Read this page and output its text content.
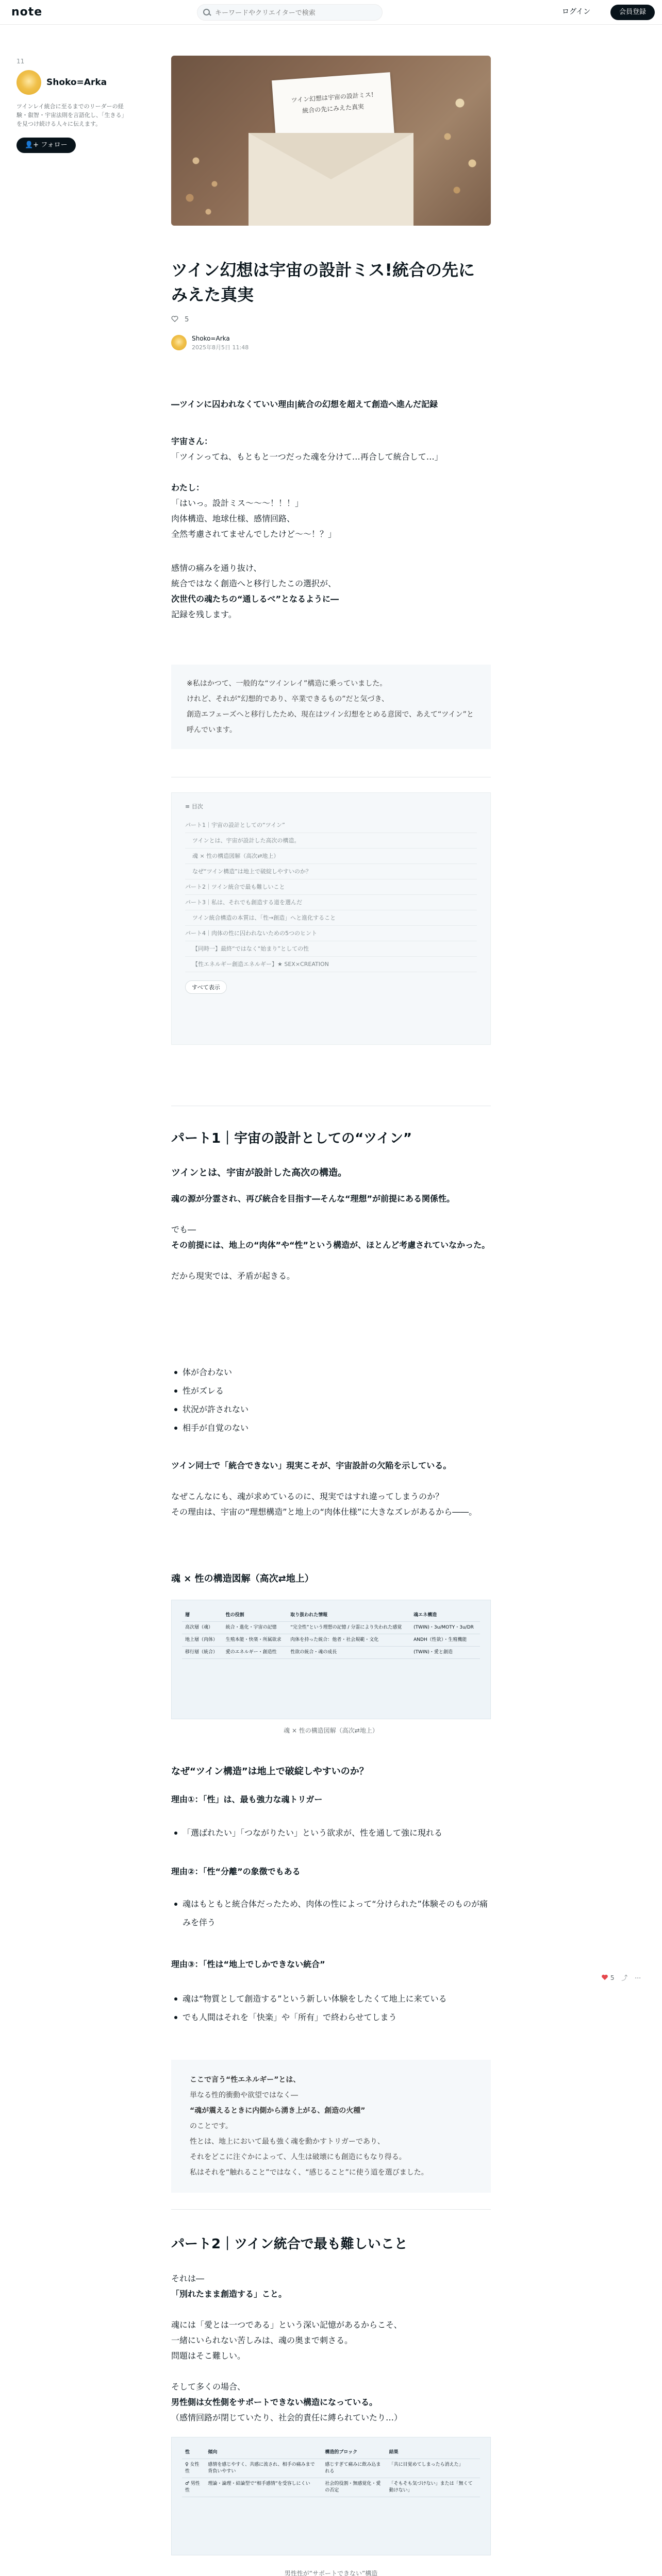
note
キーワードやクリエイターで検索	ログイン	会員登録
11
Shoko=Arka
ツインレイ統合に至るまでのリーダーの経験・叡智・宇宙法則を言語化し、「生きる」を見つけ続ける人々に伝えます。
👤+ フォロー
ツイン幻想は宇宙の設計ミス!
統合の先にみえた真実
ツイン幻想は宇宙の設計ミス!統合の先にみえた真実
5
Shoko=Arka
2025年8月5日 11:48
―ツインに囚われなくていい理由|統合の幻想を超えて創造へ進んだ記録
宇宙さん：
「ツインってね、もともと一つだった魂を分けて…再合して統合して…」

わたし：
「はいっ。設計ミス〜〜〜！！！」
肉体構造、地球仕様、感情回路、
全然考慮されてませんでしたけど〜〜！？」
感情の痛みを通り抜け、
統合ではなく創造へと移行したこの選択が、
次世代の魂たちの“通しるべ”となるように―
記録を残します。
※私はかつて、一般的な“ツインレイ”構造に乗っていました。
けれど、それが“幻想的であり、卒業できるもの”だと気づき、
創造エフェーズへと移行したため、現在はツイン幻想をとめる意図で、あえて“ツイン”と呼んでいます。
≡ 目次
パート1｜宇宙の設計としての“ツイン”
ツインとは、宇宙が設計した高次の構造。
魂 × 性の構造図解（高次⇄地上）
なぜ“ツイン構造”は地上で破綻しやすいのか？
パート2｜ツイン統合で最も難しいこと
パート3｜私は、それでも創造する道を選んだ
ツイン統合構造の本質は、「性→創造」へと進化すること
パート4｜肉体の性に囚われないための5つのヒント
【同時一】最終“ではなく“始まり”としての性
【性エネルギー創造エネルギー】★ SEX×CREATION
すべて表示
パート1｜宇宙の設計としての“ツイン”
ツインとは、宇宙が設計した高次の構造。
魂の源が分霊され、再び統合を目指す―そんな“理想”が前提にある関係性。

でも―
その前提には、地上の“肉体”や“性”という構造が、ほとんど考慮されていなかった。

だから現実では、矛盾が起きる。
体が合わない
性がズレる
状況が許されない
相手が自覚のない
ツイン同士で「統合できない」現実こそが、宇宙設計の欠陥を示している。

なぜこんなにも、魂が求めているのに、現実ではすれ違ってしまうのか？
その理由は、宇宙の“理想構造”と地上の“肉体仕様”に大きなズレがあるから――。
魂 × 性の構造図解（高次⇄地上）
層	性の役割	取り扱われた情報	魂エネ構造
高次層（魂）	統合・進化・宇宙の記憶	“完全性”という理想の記憶 / 分霊により失われた感覚	(TWIN)・3u/MOTY・3u/DR
地上層（肉体）	生殖本能・快楽・所属欲求	肉体を持った統合：他者・社会規範・文化	ANDH（性欲）・生殖機能
移行層（統合）	愛のエネルギー・創造性	性欲の統合・魂の成長	(TWIN)・愛と創造
魂 × 性の構造図解（高次⇄地上）
なぜ“ツイン構造”は地上で破綻しやすいのか？
理由①：「性」は、最も強力な魂トリガー
「選ばれたい」「つながりたい」という欲求が、性を通して強に現れる
理由②：「性“分離”の象徴でもある
魂はもともと統合体だったため、肉体の性によって“分けられた”体験そのものが痛みを伴う
理由③：「性は“地上でしかできない統合”
魂は“物質として創造する”という新しい体験をしたくて地上に来ている
でも人間はそれを「快楽」や「所有」で終わらせてしまう
ここで言う“性エネルギー”とは、
単なる性的衝動や欲望ではなく―
“魂が震えるときに内側から湧き上がる、創造の火種”
のことです。
性とは、地上において最も強く魂を動かすトリガーであり、
それをどこに注ぐかによって、人生は破壊にも創造にもなり得る。
私はそれを“触れること”ではなく、“感じること”に使う道を選びました。
パート2｜ツイン統合で最も難しいこと
それは―
「別れたまま創造する」こと。

魂には「愛とは一つである」という深い記憶があるからこそ、
一緒にいられない苦しみは、魂の奥まで刺さる。
問題はそこ難しい。

そして多くの場合、
男性側は女性側をサポートできない構造になっている。
（感情回路が閉じていたり、社会的責任に縛られていたり…）
性	傾向	構造的ブロック	結果
♀ 女性性	感情を感じやすく、共感に流され、相手の痛みまで背負いやすい	感じすぎて痛みに飲み込まれる	「共に目覚めてしまったら消えた」
♂ 男性性	理論・論理・結論型で“相手感情”を受容しにくい	社会的役割・無感覚化・愛の否定	「そもそも気づけない」または「無くて動けない」
男性性が“サポートできない”構造
5 ⤴ ⋯
